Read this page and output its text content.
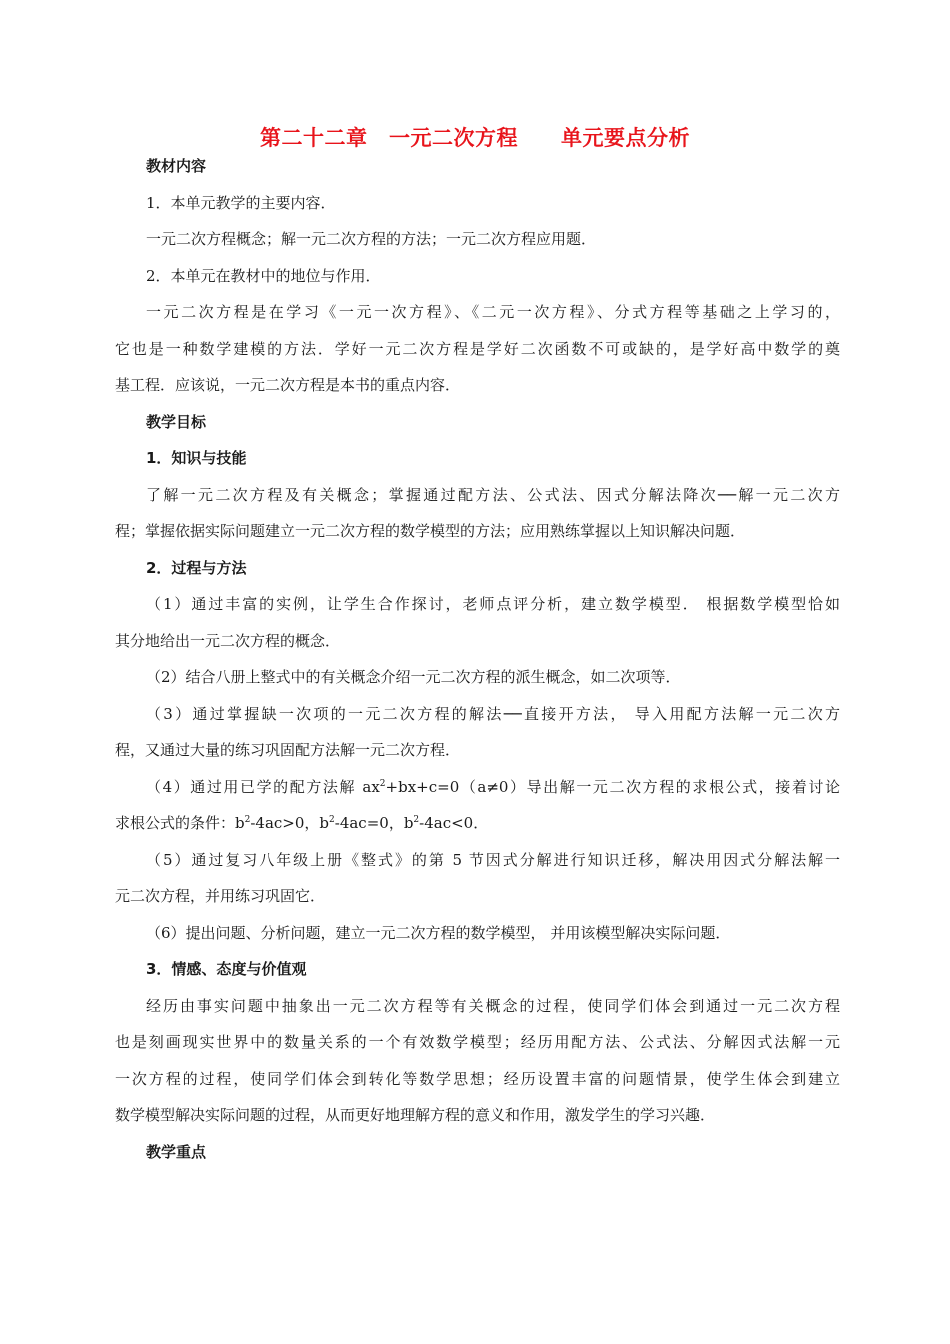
第二十二章　一元二次方程　　单元要点分析
教材内容
1．本单元教学的主要内容．
一元二次方程概念；解一元二次方程的方法；一元二次方程应用题．
2．本单元在教材中的地位与作用．
一元二次方程是在学习《一元一次方程》、《二元一次方程》、分式方程等基础之上学习的，
它也是一种数学建模的方法．学好一元二次方程是学好二次函数不可或缺的，是学好高中数学的奠
基工程．应该说，一元二次方程是本书的重点内容．
教学目标
1．知识与技能
了解一元二次方程及有关概念；掌握通过配方法、公式法、因式分解法降次──解一元二次方
程；掌握依据实际问题建立一元二次方程的数学模型的方法；应用熟练掌握以上知识解决问题．
2．过程与方法
（1）通过丰富的实例，让学生合作探讨，老师点评分析，建立数学模型． 根据数学模型恰如
其分地给出一元二次方程的概念．
（2）结合八册上整式中的有关概念介绍一元二次方程的派生概念，如二次项等．
（3）通过掌握缺一次项的一元二次方程的解法──直接开方法， 导入用配方法解一元二次方
程，又通过大量的练习巩固配方法解一元二次方程．
（4）通过用已学的配方法解 $ax^2+bx+c=0(a\ne 0)$导出解一元二次方程的求根公式，接着讨论
求根公式的条件：$b^2-4ac>0$，$b^2-4ac=0$，$b^2-4ac<0$．
（5）通过复习八年级上册《整式》的第 5 节因式分解进行知识迁移，解决用因式分解法解一
元二次方程，并用练习巩固它．
（6）提出问题、分析问题，建立一元二次方程的数学模型， 并用该模型解决实际问题．
3．情感、态度与价值观
经历由事实问题中抽象出一元二次方程等有关概念的过程，使同学们体会到通过一元二次方程
也是刻画现实世界中的数量关系的一个有效数学模型；经历用配方法、公式法、分解因式法解一元
一次方程的过程，使同学们体会到转化等数学思想；经历设置丰富的问题情景，使学生体会到建立
数学模型解决实际问题的过程，从而更好地理解方程的意义和作用，激发学生的学习兴趣．
教学重点
